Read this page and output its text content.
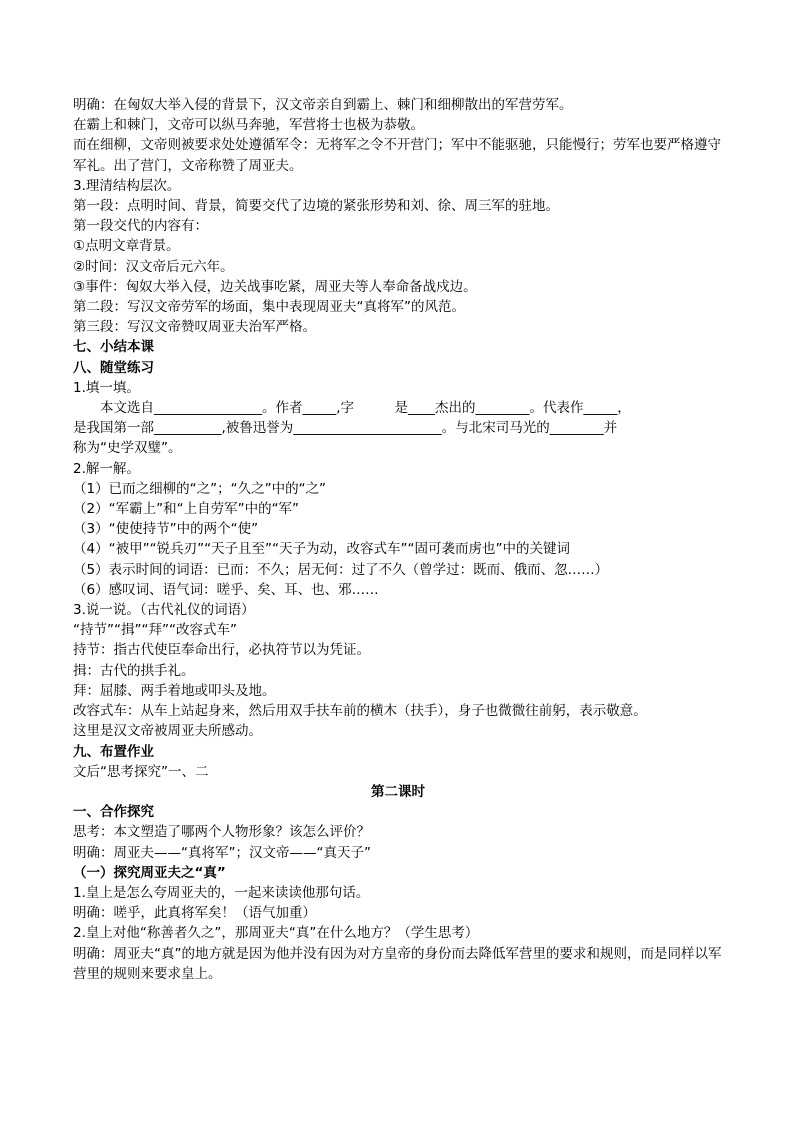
明确：在匈奴大举入侵的背景下，汉文帝亲自到霸上、棘门和细柳散出的军营劳军。
在霸上和棘门，文帝可以纵马奔驰，军营将士也极为恭敬。
而在细柳，文帝则被要求处处遵循军令：无将军之令不开营门；军中不能驱驰，只能慢行；劳军也要严格遵守军礼。出了营门，文帝称赞了周亚夫。
3.理清结构层次。
第一段：点明时间、背景，简要交代了边境的紧张形势和刘、徐、周三军的驻地。
第一段交代的内容有：
①点明文章背景。
②时间：汉文帝后元六年。
③事件：匈奴大举入侵，边关战事吃紧，周亚夫等人奉命备战戍边。
第二段：写汉文帝劳军的场面，集中表现周亚夫“真将军”的风范。
第三段：写汉文帝赞叹周亚夫治军严格。
七、小结本课
八、随堂练习
1.填一填。
本文选自________________。作者_____,字　　　是____杰出的________。代表作_____，
是我国第一部__________,被鲁迅誉为______________________。与北宋司马光的________并
称为“史学双璧”。
2.解一解。
（1）已而之细柳的“之”；“久之”中的“之”
（2）“军霸上”和“上自劳军”中的“军”
（3）“使使持节”中的两个“使”
（4）“被甲”“锐兵刃”“天子且至”“天子为动，改容式车”“固可袭而虏也”中的关键词
（5）表示时间的词语：已而：不久；居无何：过了不久（曾学过：既而、俄而、忽……）
（6）感叹词、语气词：嗟乎、矣、耳、也、邪……
3.说一说。（古代礼仪的词语）
“持节”“揖”“拜”“改容式车”
持节：指古代使臣奉命出行，必执符节以为凭证。
揖：古代的拱手礼。
拜：屈膝、两手着地或叩头及地。
改容式车：从车上站起身来，然后用双手扶车前的横木（扶手），身子也微微往前躬，表示敬意。
这里是汉文帝被周亚夫所感动。
九、布置作业
文后“思考探究”一、二
第二课时
一、合作探究
思考：本文塑造了哪两个人物形象？该怎么评价？
明确：周亚夫——“真将军”；汉文帝——“真天子”
（一）探究周亚夫之“真”
1.皇上是怎么夸周亚夫的，一起来读读他那句话。
明确：嗟乎，此真将军矣！（语气加重）
2.皇上对他“称善者久之”，那周亚夫“真”在什么地方？（学生思考）
明确：周亚夫“真”的地方就是因为他并没有因为对方皇帝的身份而去降低军营里的要求和规则，而是同样以军营里的规则来要求皇上。
